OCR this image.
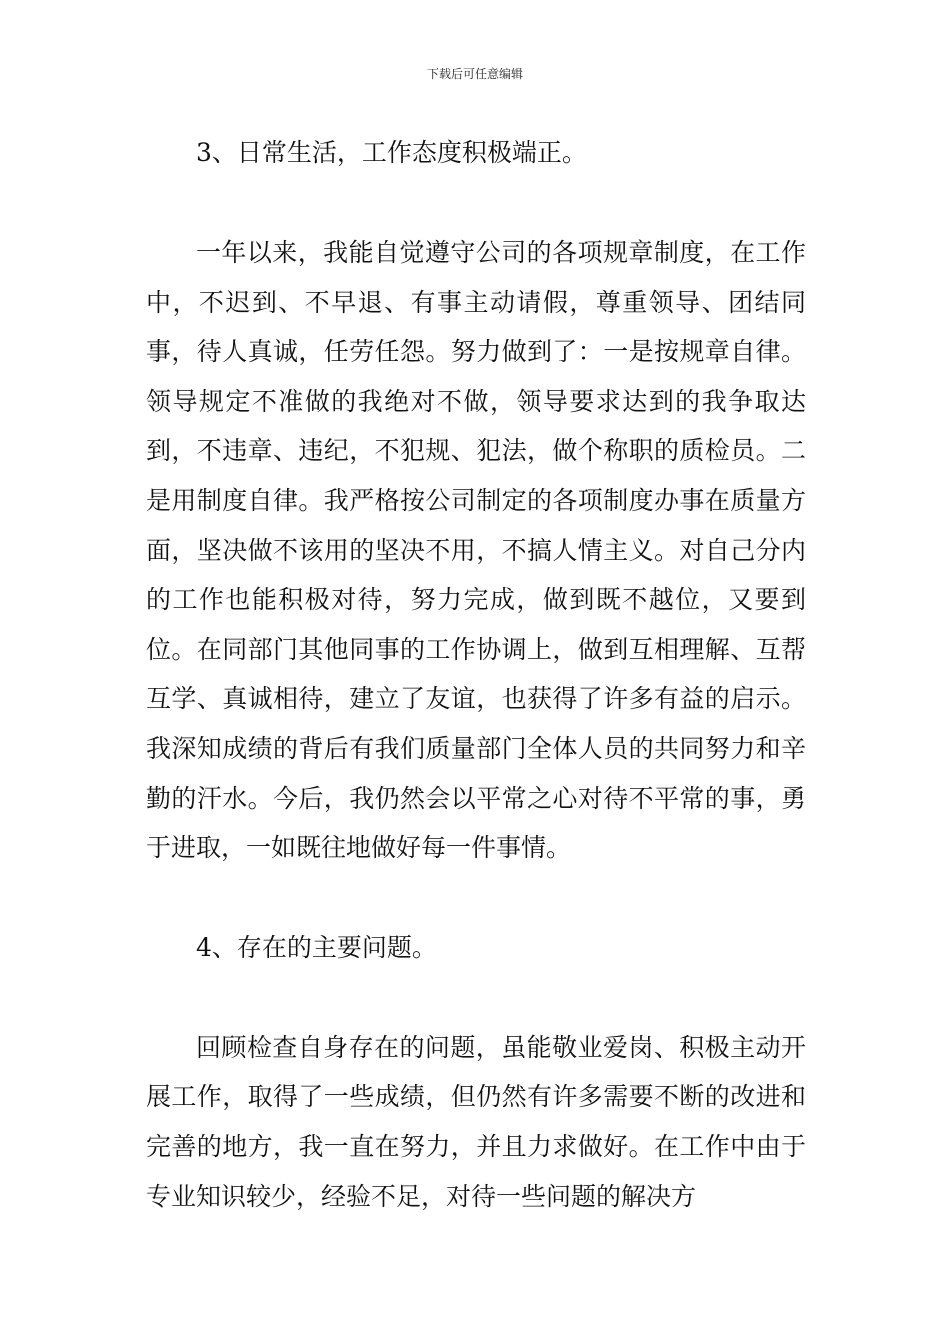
下载后可任意编辑

3、日常生活，工作态度积极端正。

一年以来，我能自觉遵守公司的各项规章制度，在工作中，不迟到、不早退、有事主动请假，尊重领导、团结同事，待人真诚，任劳任怨。努力做到了：一是按规章自律。领导规定不准做的我绝对不做，领导要求达到的我争取达到，不违章、违纪，不犯规、犯法，做个称职的质检员。二是用制度自律。我严格按公司制定的各项制度办事在质量方面，坚决做不该用的坚决不用，不搞人情主义。对自己分内的工作也能积极对待，努力完成，做到既不越位，又要到位。在同部门其他同事的工作协调上，做到互相理解、互帮互学、真诚相待，建立了友谊，也获得了许多有益的启示。我深知成绩的背后有我们质量部门全体人员的共同努力和辛勤的汗水。今后，我仍然会以平常之心对待不平常的事，勇于进取，一如既往地做好每一件事情。

4、存在的主要问题。

回顾检查自身存在的问题，虽能敬业爱岗、积极主动开展工作，取得了一些成绩，但仍然有许多需要不断的改进和完善的地方，我一直在努力，并且力求做好。在工作中由于专业知识较少，经验不足，对待一些问题的解决方
